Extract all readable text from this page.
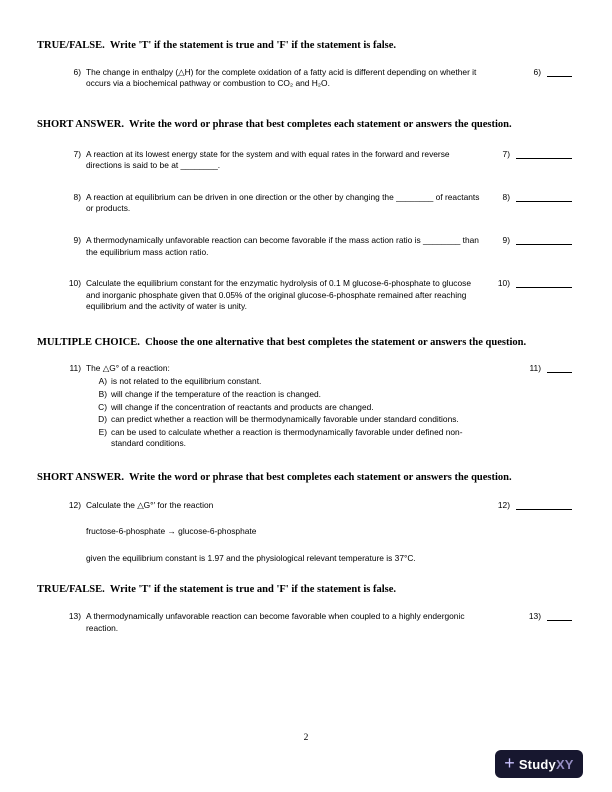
TRUE/FALSE.  Write 'T' if the statement is true and 'F' if the statement is false.
6) The change in enthalpy (△H) for the complete oxidation of a fatty acid is different depending on whether it occurs via a biochemical pathway or combustion to CO₂ and H₂O.
6)
SHORT ANSWER.  Write the word or phrase that best completes each statement or answers the question.
7) A reaction at its lowest energy state for the system and with equal rates in the forward and reverse directions is said to be at ________.
7)
8) A reaction at equilibrium can be driven in one direction or the other by changing the ________ of reactants or products.
8)
9) A thermodynamically unfavorable reaction can become favorable if the mass action ratio is ________ than the equilibrium mass action ratio.
9)
10) Calculate the equilibrium constant for the enzymatic hydrolysis of 0.1 M glucose-6-phosphate to glucose and inorganic phosphate given that 0.05% of the original glucose-6-phosphate remained after reaching equilibrium and the activity of water is unity.
10)
MULTIPLE CHOICE.  Choose the one alternative that best completes the statement or answers the question.
11) The △G° of a reaction:
A) is not related to the equilibrium constant.
B) will change if the temperature of the reaction is changed.
C) will change if the concentration of reactants and products are changed.
D) can predict whether a reaction will be thermodynamically favorable under standard conditions.
E) can be used to calculate whether a reaction is thermodynamically favorable under defined non-standard conditions.
11)
SHORT ANSWER.  Write the word or phrase that best completes each statement or answers the question.
12) Calculate the △G°′ for the reaction

fructose-6-phosphate → glucose-6-phosphate

given the equilibrium constant is 1.97 and the physiological relevant temperature is 37°C.

12)
TRUE/FALSE.  Write 'T' if the statement is true and 'F' if the statement is false.
13) A thermodynamically unfavorable reaction can become favorable when coupled to a highly endergonic reaction.
13)
2
+ StudyXY
